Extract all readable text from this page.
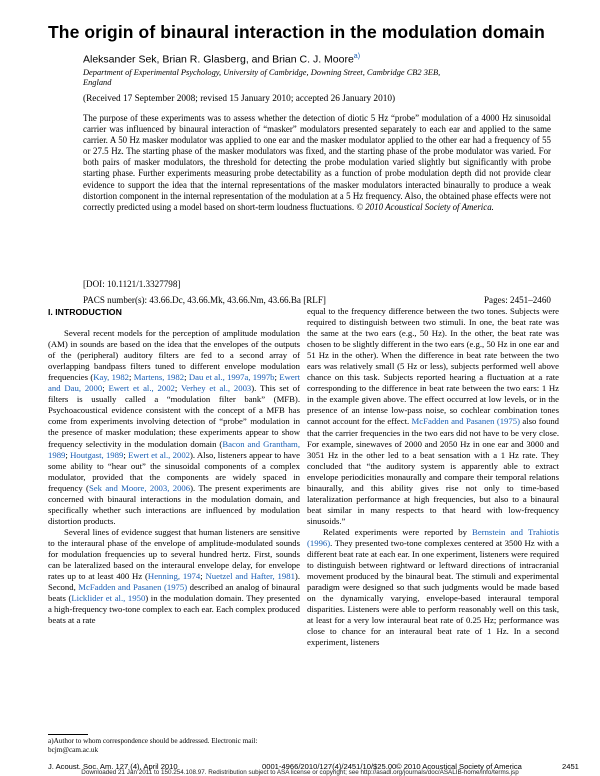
The origin of binaural interaction in the modulation domain
Aleksander Sek, Brian R. Glasberg, and Brian C. J. Moore$^{a)}$
Department of Experimental Psychology, University of Cambridge, Downing Street, Cambridge CB2 3EB,
England
(Received 17 September 2008; revised 15 January 2010; accepted 26 January 2010)
The purpose of these experiments was to assess whether the detection of diotic 5 Hz “probe” modulation of a 4000 Hz sinusoidal carrier was influenced by binaural interaction of “masker” modulators presented separately to each ear and applied to the same carrier. A 50 Hz masker modulator was applied to one ear and the masker modulator applied to the other ear had a frequency of 55 or 27.5 Hz. The starting phase of the masker modulators was fixed, and the starting phase of the probe modulator was varied. For both pairs of masker modulators, the threshold for detecting the probe modulation varied slightly but significantly with probe starting phase. Further experiments measuring probe detectability as a function of probe modulation depth did not provide clear evidence to support the idea that the internal representations of the masker modulators interacted binaurally to produce a weak distortion component in the internal representation of the modulation at a 5 Hz frequency. Also, the obtained phase effects were not correctly predicted using a model based on short-term loudness fluctuations. © 2010 Acoustical Society of America.
[DOI: 10.1121/1.3327798]
PACS number(s): 43.66.Dc, 43.66.Mk, 43.66.Nm, 43.66.Ba [RLF]	Pages: 2451–2460
I. INTRODUCTION

Several recent models for the perception of amplitude modulation (AM) in sounds are based on the idea that the envelopes of the outputs of the (peripheral) auditory filters are fed to a second array of overlapping bandpass filters tuned to different envelope modulation frequencies (Kay, 1982; Martens, 1982; Dau et al., 1997a, 1997b; Ewert and Dau, 2000; Ewert et al., 2002; Verhey et al., 2003). This set of filters is usually called a “modulation filter bank” (MFB). Psychoacoustical evidence consistent with the concept of a MFB has come from experiments involving detection of “probe” modulation in the presence of masker modulation; these experiments appear to show frequency selectivity in the modulation domain (Bacon and Grantham, 1989; Houtgast, 1989; Ewert et al., 2002). Also, listeners appear to have some ability to “hear out” the sinusoidal components of a complex modulator, provided that the components are widely spaced in frequency (Sek and Moore, 2003, 2006). The present experiments are concerned with binaural interactions in the modulation domain, and specifically whether such interactions are influenced by modulation distortion products.

Several lines of evidence suggest that human listeners are sensitive to the interaural phase of the envelope of amplitude-modulated sounds for modulation frequencies up to several hundred hertz. First, sounds can be lateralized based on the interaural envelope delay, for envelope rates up to at least 400 Hz (Henning, 1974; Nuetzel and Hafter, 1981). Second, McFadden and Pasanen (1975) described an analog of binaural beats (Licklider et al., 1950) in the modulation domain. They presented a high-frequency two-tone complex to each ear. Each complex produced beats at a rate

equal to the frequency difference between the two tones. Subjects were required to distinguish between two stimuli. In one, the beat rate was the same at the two ears (e.g., 50 Hz). In the other, the beat rate was chosen to be slightly different in the two ears (e.g., 50 Hz in one ear and 51 Hz in the other). When the difference in beat rate between the two ears was relatively small (5 Hz or less), subjects performed well above chance on this task. Subjects reported hearing a fluctuation at a rate corresponding to the difference in beat rate between the two ears: 1 Hz in the example given above. The effect occurred at low levels, or in the presence of an intense low-pass noise, so cochlear combination tones cannot account for the effect. McFadden and Pasanen (1975) also found that the carrier frequencies in the two ears did not have to be very close. For example, sinewaves of 2000 and 2050 Hz in one ear and 3000 and 3051 Hz in the other led to a beat sensation with a 1 Hz rate. They concluded that “the auditory system is apparently able to extract envelope periodicities monaurally and compare their temporal relations binaurally, and this ability gives rise not only to time-based lateralization performance at high frequencies, but also to a binaural beat similar in many respects to that heard with low-frequency sinusoids.”

Related experiments were reported by Bernstein and Trahiotis (1996). They presented two-tone complexes centered at 3500 Hz with a different beat rate at each ear. In one experiment, listeners were required to distinguish between rightward or leftward directions of intracranial movement produced by the binaural beat. The stimuli and experimental paradigm were designed so that such judgments would be made based on the dynamically varying, envelope-based interaural temporal disparities. Listeners were able to perform reasonably well on this task, at least for a very low interaural beat rate of 0.25 Hz; performance was close to chance for an interaural beat rate of 1 Hz. In a second experiment, listeners

a)Author to whom correspondence should be addressed. Electronic mail: bcjm@cam.ac.uk
J. Acoust. Soc. Am. 127 (4), April 2010	0001-4966/2010/127(4)/2451/10/$25.00 © 2010 Acoustical Society of America	2451
Downloaded 21 Jan 2011 to 150.254.108.97. Redistribution subject to ASA license or copyright; see http://asadl.org/journals/doc/ASALIB-home/info/terms.jsp
